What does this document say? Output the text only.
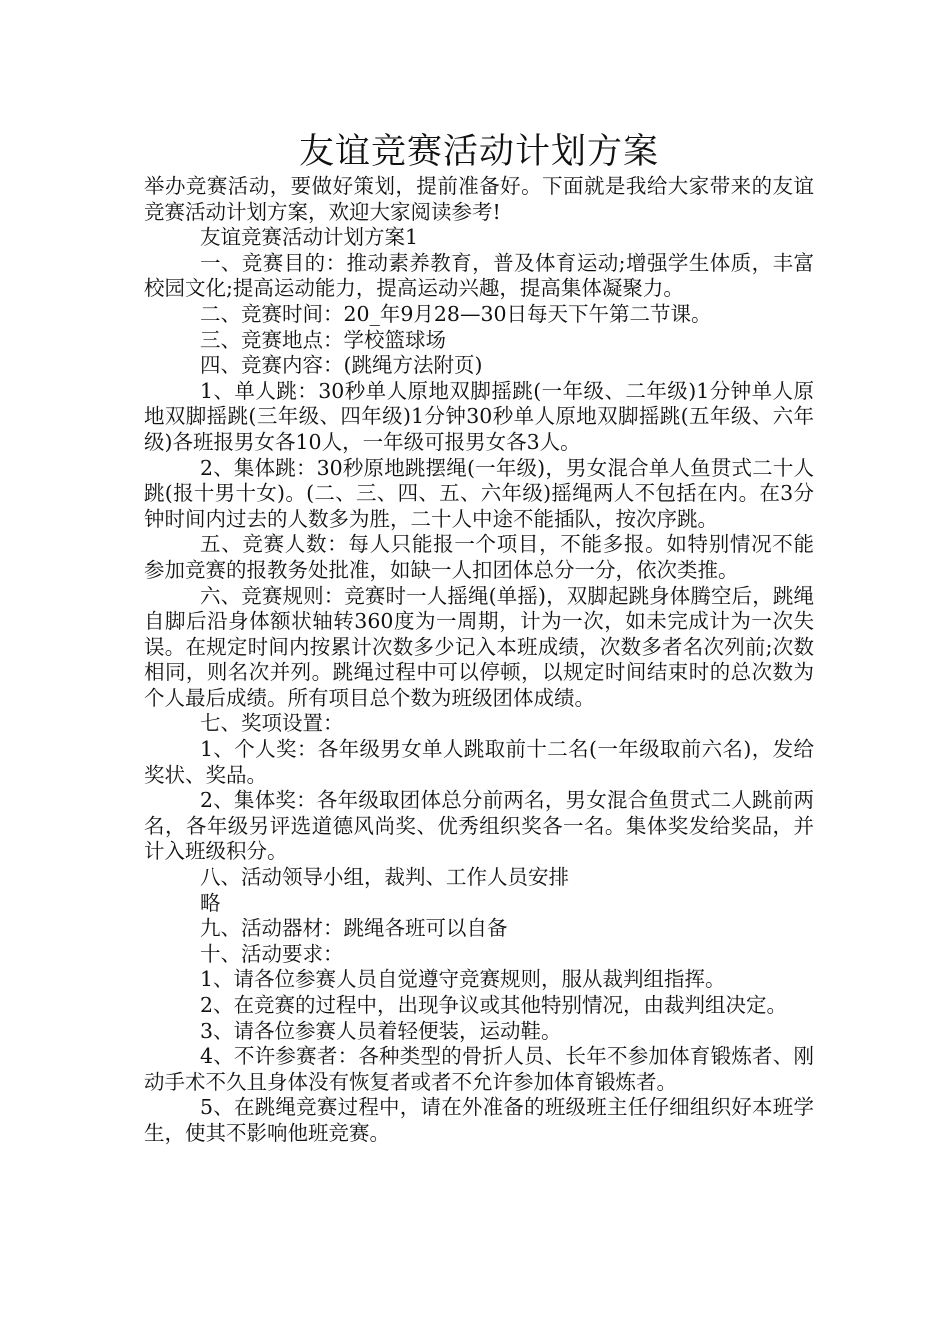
友谊竞赛活动计划方案

举办竞赛活动，要做好策划，提前准备好。下面就是我给大家带来的友谊竞赛活动计划方案，欢迎大家阅读参考!

友谊竞赛活动计划方案1

一、竞赛目的：推动素养教育，普及体育运动;增强学生体质，丰富校园文化;提高运动能力，提高运动兴趣，提高集体凝聚力。

二、竞赛时间：20_年9月28—30日每天下午第二节课。

三、竞赛地点：学校篮球场

四、竞赛内容：(跳绳方法附页)

1、单人跳：30秒单人原地双脚摇跳(一年级、二年级)1分钟单人原地双脚摇跳(三年级、四年级)1分钟30秒单人原地双脚摇跳(五年级、六年级)各班报男女各10人，一年级可报男女各3人。

2、集体跳：30秒原地跳摆绳(一年级)，男女混合单人鱼贯式二十人跳(报十男十女)。(二、三、四、五、六年级)摇绳两人不包括在内。在3分钟时间内过去的人数多为胜，二十人中途不能插队，按次序跳。

五、竞赛人数：每人只能报一个项目，不能多报。如特别情况不能参加竞赛的报教务处批准，如缺一人扣团体总分一分，依次类推。

六、竞赛规则：竞赛时一人摇绳(单摇)，双脚起跳身体腾空后，跳绳自脚后沿身体额状轴转360度为一周期，计为一次，如未完成计为一次失误。在规定时间内按累计次数多少记入本班成绩，次数多者名次列前;次数相同，则名次并列。跳绳过程中可以停顿，以规定时间结束时的总次数为个人最后成绩。所有项目总个数为班级团体成绩。

七、奖项设置：

1、个人奖：各年级男女单人跳取前十二名(一年级取前六名)，发给奖状、奖品。

2、集体奖：各年级取团体总分前两名，男女混合鱼贯式二人跳前两名，各年级另评选道德风尚奖、优秀组织奖各一名。集体奖发给奖品，并计入班级积分。

八、活动领导小组，裁判、工作人员安排

略

九、活动器材：跳绳各班可以自备

十、活动要求：

1、请各位参赛人员自觉遵守竞赛规则，服从裁判组指挥。

2、在竞赛的过程中，出现争议或其他特别情况，由裁判组决定。

3、请各位参赛人员着轻便装，运动鞋。

4、不许参赛者：各种类型的骨折人员、长年不参加体育锻炼者、刚动手术不久且身体没有恢复者或者不允许参加体育锻炼者。

5、在跳绳竞赛过程中，请在外准备的班级班主任仔细组织好本班学生，使其不影响他班竞赛。
